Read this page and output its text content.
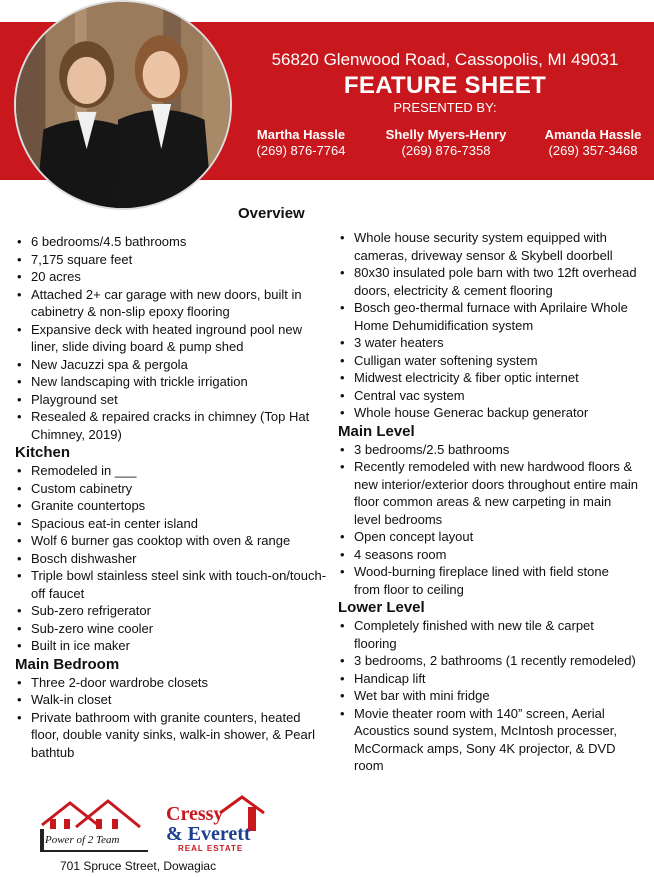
56820 Glenwood Road, Cassopolis, MI 49031
FEATURE SHEET
PRESENTED BY:
Martha Hassle
(269) 876-7764
Shelly Myers-Henry
(269) 876-7358
Amanda Hassle
(269) 357-3468
Overview
• 6 bedrooms/4.5 bathrooms
• 7,175 square feet
• 20 acres
• Attached 2+ car garage with new doors, built in cabinetry & non-slip epoxy flooring
• Expansive deck with heated inground pool new liner, slide diving board & pump shed
• New Jacuzzi spa & pergola
• New landscaping with trickle irrigation
• Playground set
• Resealed & repaired cracks in chimney (Top Hat Chimney, 2019)
Kitchen
• Remodeled in ___
• Custom cabinetry
• Granite countertops
• Spacious eat-in center island
• Wolf 6 burner gas cooktop with oven & range
• Bosch dishwasher
• Triple bowl stainless steel sink with touch-on/touch-off faucet
• Sub-zero refrigerator
• Sub-zero wine cooler
• Built in ice maker
Main Bedroom
• Three 2-door wardrobe closets
• Walk-in closet
• Private bathroom with granite counters, heated floor, double vanity sinks, walk-in shower, & Pearl bathtub
• Whole house security system equipped with cameras, driveway sensor & Skybell doorbell
• 80x30 insulated pole barn with two 12ft overhead doors, electricity & cement flooring
• Bosch geo-thermal furnace with Aprilaire Whole Home Dehumidification system
• 3 water heaters
• Culligan water softening system
• Midwest electricity & fiber optic internet
• Central vac system
• Whole house Generac backup generator
Main Level
• 3 bedrooms/2.5 bathrooms
• Recently remodeled with new hardwood floors & new interior/exterior doors throughout entire main floor common areas & new carpeting in main level bedrooms
• Open concept layout
• 4 seasons room
• Wood-burning fireplace lined with field stone from floor to ceiling
Lower Level
• Completely finished with new tile & carpet flooring
• 3 bedrooms, 2 bathrooms (1 recently remodeled)
• Handicap lift
• Wet bar with mini fridge
• Movie theater room with 140” screen, Aerial Acoustics sound system, McIntosh processer, McCormack amps, Sony 4K projector, & DVD room
Power of 2 Team
Cressy
& Everett
REAL ESTATE
701 Spruce Street, Dowagiac
